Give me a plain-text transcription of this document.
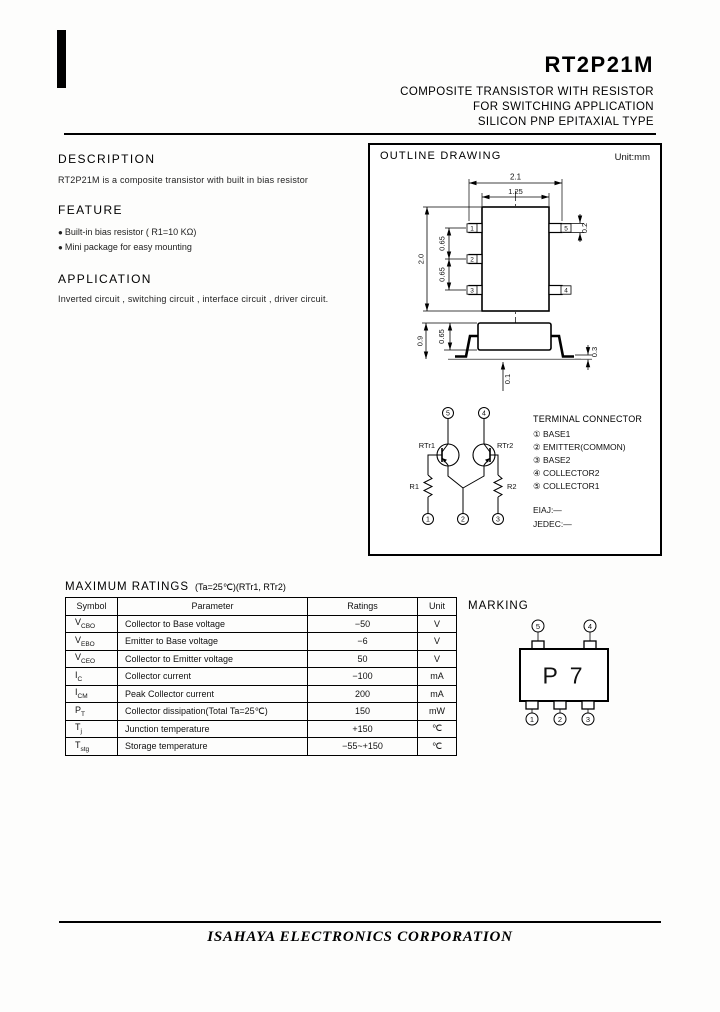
RT2P21M
COMPOSITE TRANSISTOR WITH RESISTOR
FOR SWITCHING APPLICATION
SILICON PNP EPITAXIAL TYPE
DESCRIPTION
RT2P21M is a composite transistor with built in bias resistor
FEATURE
● Built-in bias resistor ( R1=10 KΩ)
● Mini package for easy mounting
APPLICATION
Inverted circuit , switching circuit , interface circuit , driver circuit.
OUTLINE DRAWING	Unit:mm
1
2
3
5
4
2.1
1.25
0.2
2.0
0.65
0.65
0.9 0.65
0.3
0.1
5	4
RTr1	RTr2
R1	R2
1	2	3
TERMINAL CONNECTOR
① BASE1
② EMITTER(COMMON)
③ BASE2
④ COLLECTOR2
⑤ COLLECTOR1
EIAJ:—
JEDEC:—
MAXIMUM RATINGS (Ta=25℃)(RTr1, RTr2)
Symbol	Parameter	Ratings	Unit
$V_{CBO}$	Collector to Base voltage	−50	V
$V_{EBO}$	Emitter to Base voltage	−6	V
$V_{CEO}$	Collector to Emitter voltage	50	V
$I_C$	Collector current	−100	mA
$I_{CM}$	Peak Collector current	200	mA
$P_T$	Collector dissipation(Total Ta=25℃)	150	mW
$T_j$	Junction temperature	+150	℃
$T_{stg}$	Storage temperature	−55~+150	℃
MARKING
5	4
P 7
1	2	3
ISAHAYA ELECTRONICS CORPORATION
